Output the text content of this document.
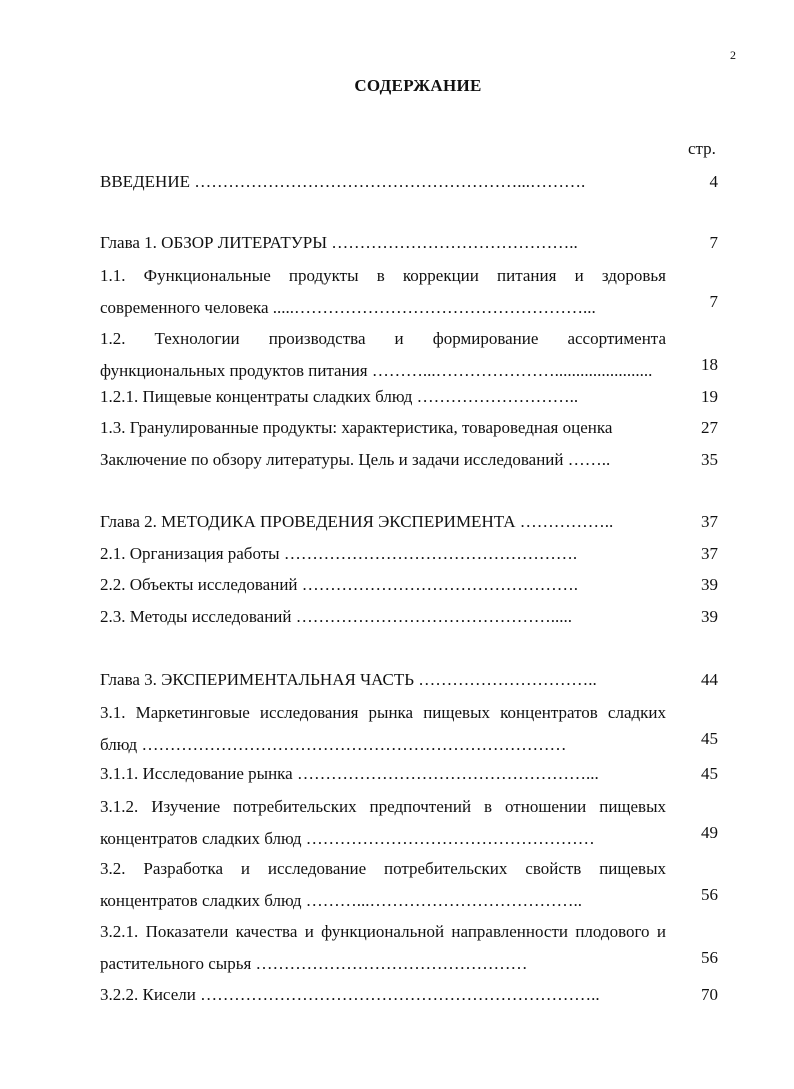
2
СОДЕРЖАНИЕ
стр.
ВВЕДЕНИЕ …………………………………………………...……….	4
Глава 1. ОБЗОР ЛИТЕРАТУРЫ ……………………………………..	7
1.1. Функциональные продукты в коррекции питания и здоровья современного человека .....……………………………………………...	7
1.2. Технологии производства и формирование ассортимента функциональных продуктов питания ………...………………….......................	18
1.2.1. Пищевые концентраты сладких блюд ………………………..	19
1.3. Гранулированные продукты: характеристика, товароведная оценка	27
Заключение по обзору литературы. Цель и задачи исследований ……..	35
Глава 2. МЕТОДИКА ПРОВЕДЕНИЯ ЭКСПЕРИМЕНТА ……………..	37
2.1. Организация работы …………………………………………….	37
2.2. Объекты исследований ………………………………………….	39
2.3. Методы исследований ……………………………………….....	39
Глава 3. ЭКСПЕРИМЕНТАЛЬНАЯ ЧАСТЬ …………………………..	44
3.1. Маркетинговые исследования рынка пищевых концентратов сладких блюд …………………………………………………………………	45
3.1.1. Исследование рынка ……………………………………………...	45
3.1.2. Изучение потребительских предпочтений в отношении пищевых концентратов сладких блюд ……………………………………………	49
3.2. Разработка и исследование потребительских свойств пищевых концентратов сладких блюд ………...………………………………..	56
3.2.1. Показатели качества и функциональной направленности плодового и растительного сырья …………………………………………	56
3.2.2. Кисели ……………………………………………………………..	70
